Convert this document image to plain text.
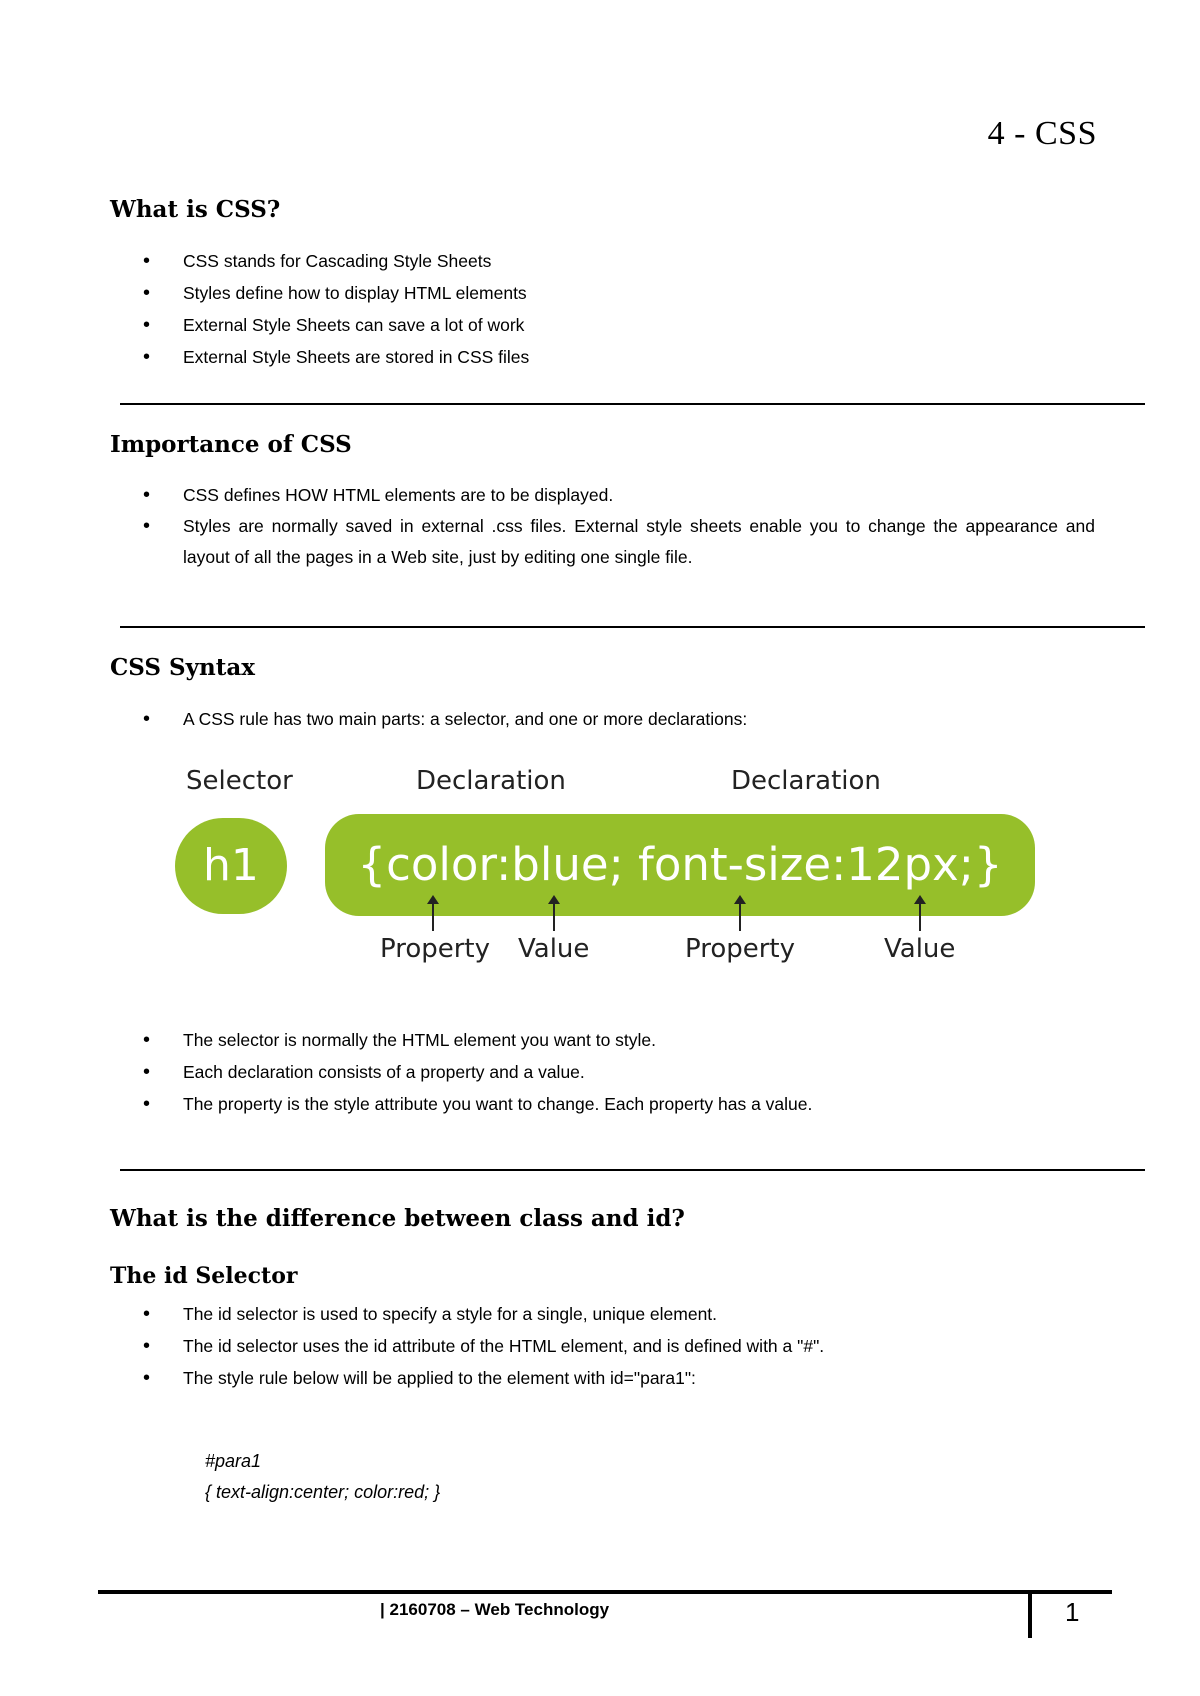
4 - CSS
What is CSS?
• CSS stands for Cascading Style Sheets
• Styles define how to display HTML elements
• External Style Sheets can save a lot of work
• External Style Sheets are stored in CSS files
Importance of CSS
• CSS defines HOW HTML elements are to be displayed.
• Styles are normally saved in external .css files. External style sheets enable you to change the appearance and layout of all the pages in a Web site, just by editing one single file.
CSS Syntax
• A CSS rule has two main parts: a selector, and one or more declarations:
Selector	Declaration	Declaration
h1	{color:blue; font-size:12px;}
Property Value	Property	Value
• The selector is normally the HTML element you want to style.
• Each declaration consists of a property and a value.
• The property is the style attribute you want to change. Each property has a value.
What is the difference between class and id?
The id Selector
• The id selector is used to specify a style for a single, unique element.
• The id selector uses the id attribute of the HTML element, and is defined with a "#".
• The style rule below will be applied to the element with id="para1":
#para1
{ text-align:center; color:red; }
| 2160708 – Web Technology	1
